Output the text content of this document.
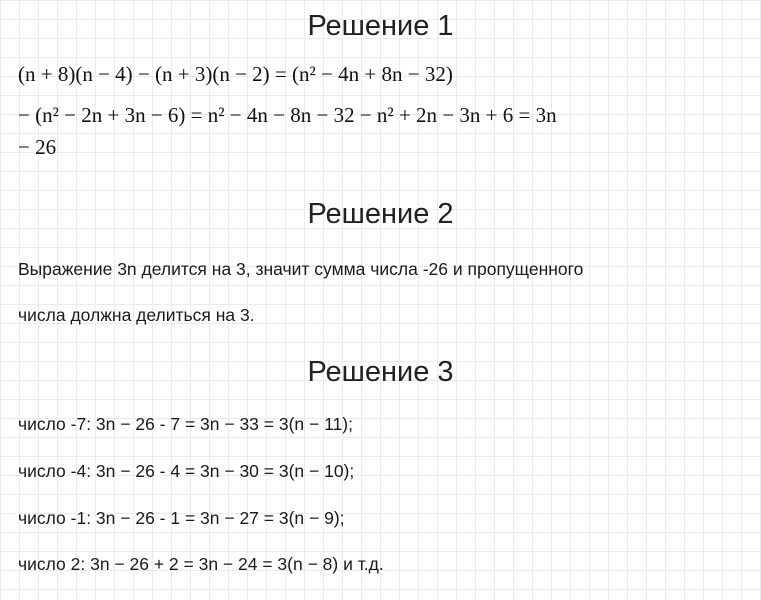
Решение 1
(n + 8)(n − 4) − (n + 3)(n − 2) = (n² − 4n + 8n − 32)
− (n² − 2n + 3n − 6) = n² − 4n − 8n − 32 − n² + 2n − 3n + 6 = 3n
− 26
Решение 2
Выражение 3n делится на 3, значит сумма числа -26 и пропущенного
числа должна делиться на 3.
Решение 3
число -7: 3n − 26 - 7 = 3n − 33 = 3(n − 11);
число -4: 3n − 26 - 4 = 3n − 30 = 3(n − 10);
число -1: 3n − 26 - 1 = 3n − 27 = 3(n − 9);
число 2: 3n − 26 + 2 = 3n − 24 = 3(n − 8) и т.д.
